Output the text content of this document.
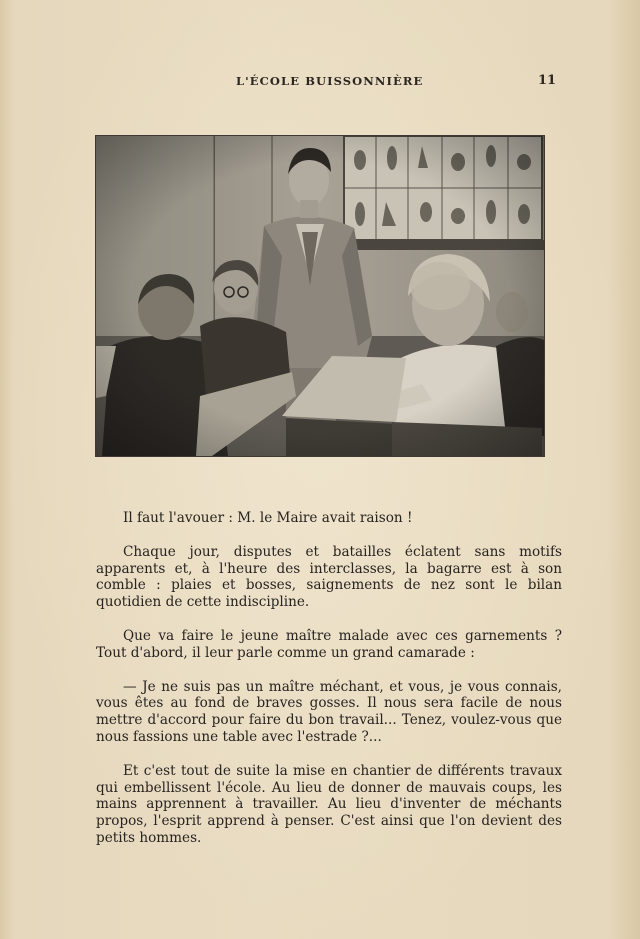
L'ÉCOLE BUISSONNIÈRE	11

Il faut l'avouer : M. le Maire avait raison !

Chaque jour, disputes et batailles éclatent sans motifs apparents et, à l'heure des interclasses, la bagarre est à son comble : plaies et bosses, saignements de nez sont le bilan quotidien de cette indiscipline.

Que va faire le jeune maître malade avec ces garnements ? Tout d'abord, il leur parle comme un grand camarade :

— Je ne suis pas un maître méchant, et vous, je vous connais, vous êtes au fond de braves gosses. Il nous sera facile de nous mettre d'accord pour faire du bon travail... Tenez, voulez-vous que nous fassions une table avec l'estrade ?...

Et c'est tout de suite la mise en chantier de différents travaux qui embellissent l'école. Au lieu de donner de mauvais coups, les mains apprennent à travailler. Au lieu d'inventer de méchants propos, l'esprit apprend à penser. C'est ainsi que l'on devient des petits hommes.
